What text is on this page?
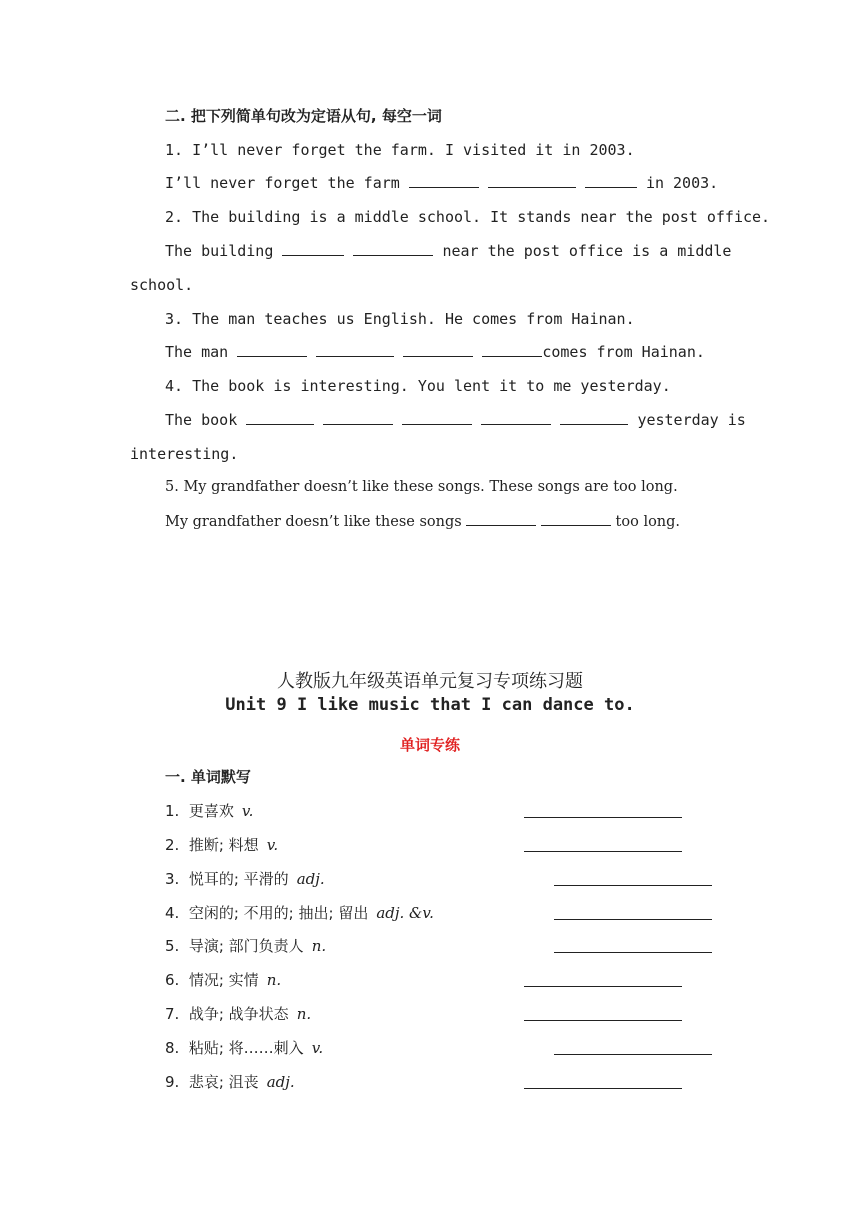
二. 把下列简单句改为定语从句, 每空一词
1. I’ll never forget the farm. I visited it in 2003.
I’ll never forget the farm	in 2003.
2. The building is a middle school. It stands near the post office.
The building	near the post office is a middle
school.
3. The man teaches us English. He comes from Hainan.
The man	comes from Hainan.
4. The book is interesting. You lent it to me yesterday.
The book	yesterday is
interesting.
5. My grandfather doesn’t like these songs. These songs are too long.
My grandfather doesn’t like these songs	too long.
人教版九年级英语单元复习专项练习题
Unit 9 I like music that I can dance to.
单词专练
一. 单词默写
1. 更喜欢 v.
2. 推断; 料想 v.
3. 悦耳的; 平滑的 adj.
4. 空闲的; 不用的; 抽出; 留出 adj. &v.
5. 导演; 部门负责人 n.
6. 情况; 实情 n.
7. 战争; 战争状态 n.
8. 粘贴; 将……刺入 v.
9. 悲哀; 沮丧 adj.
